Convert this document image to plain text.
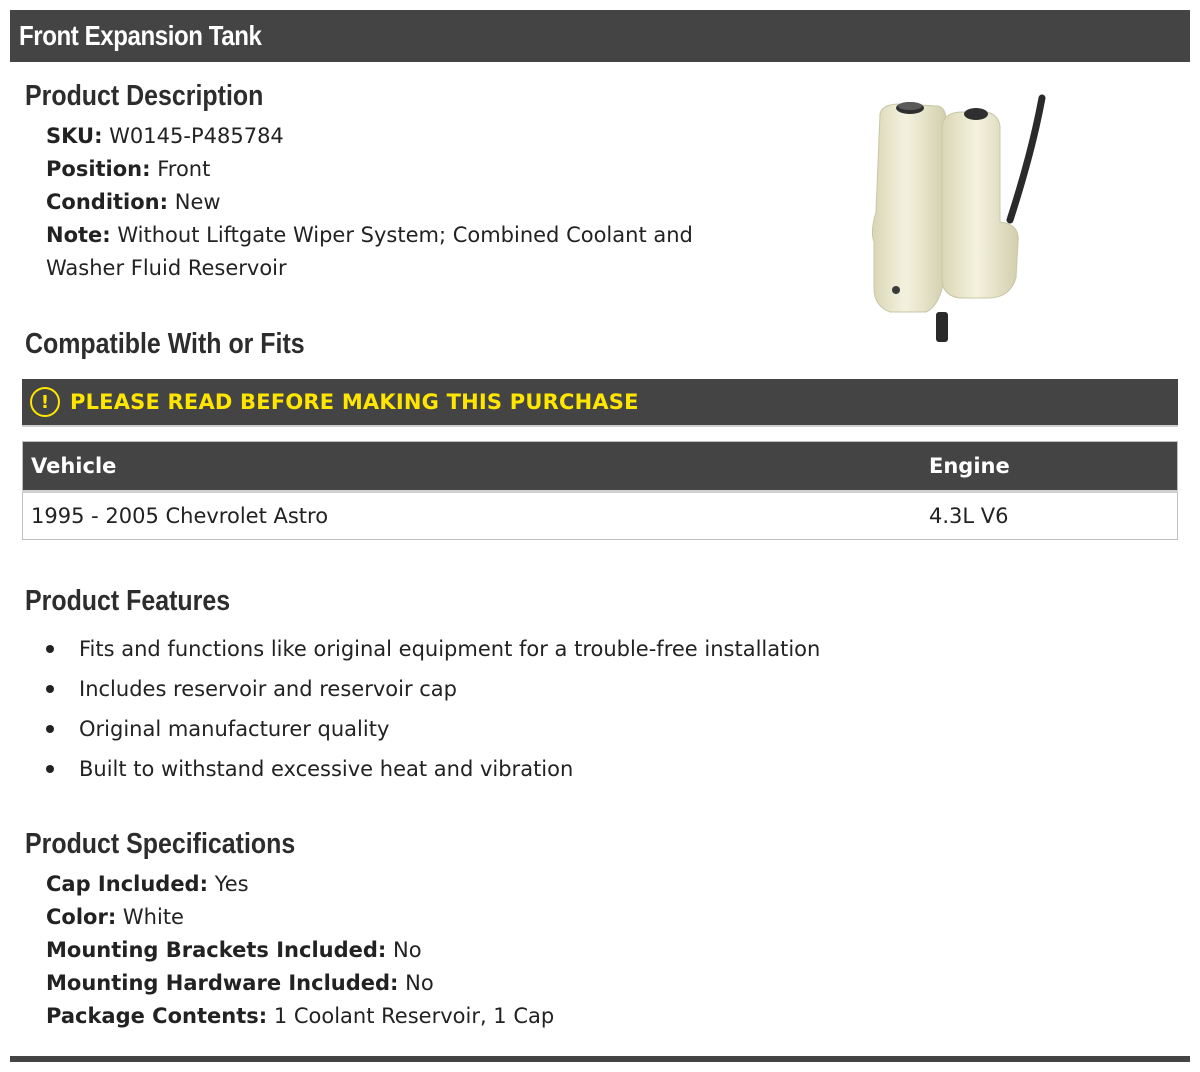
Front Expansion Tank
Product Description
SKU: W0145-P485784
Position: Front
Condition: New
Note: Without Liftgate Wiper System; Combined Coolant and Washer Fluid Reservoir
Compatible With or Fits
! PLEASE READ BEFORE MAKING THIS PURCHASE
Vehicle	Engine
1995 - 2005 Chevrolet Astro	4.3L V6
Product Features
Fits and functions like original equipment for a trouble-free installation
Includes reservoir and reservoir cap
Original manufacturer quality
Built to withstand excessive heat and vibration
Product Specifications
Cap Included: Yes
Color: White
Mounting Brackets Included: No
Mounting Hardware Included: No
Package Contents: 1 Coolant Reservoir, 1 Cap
